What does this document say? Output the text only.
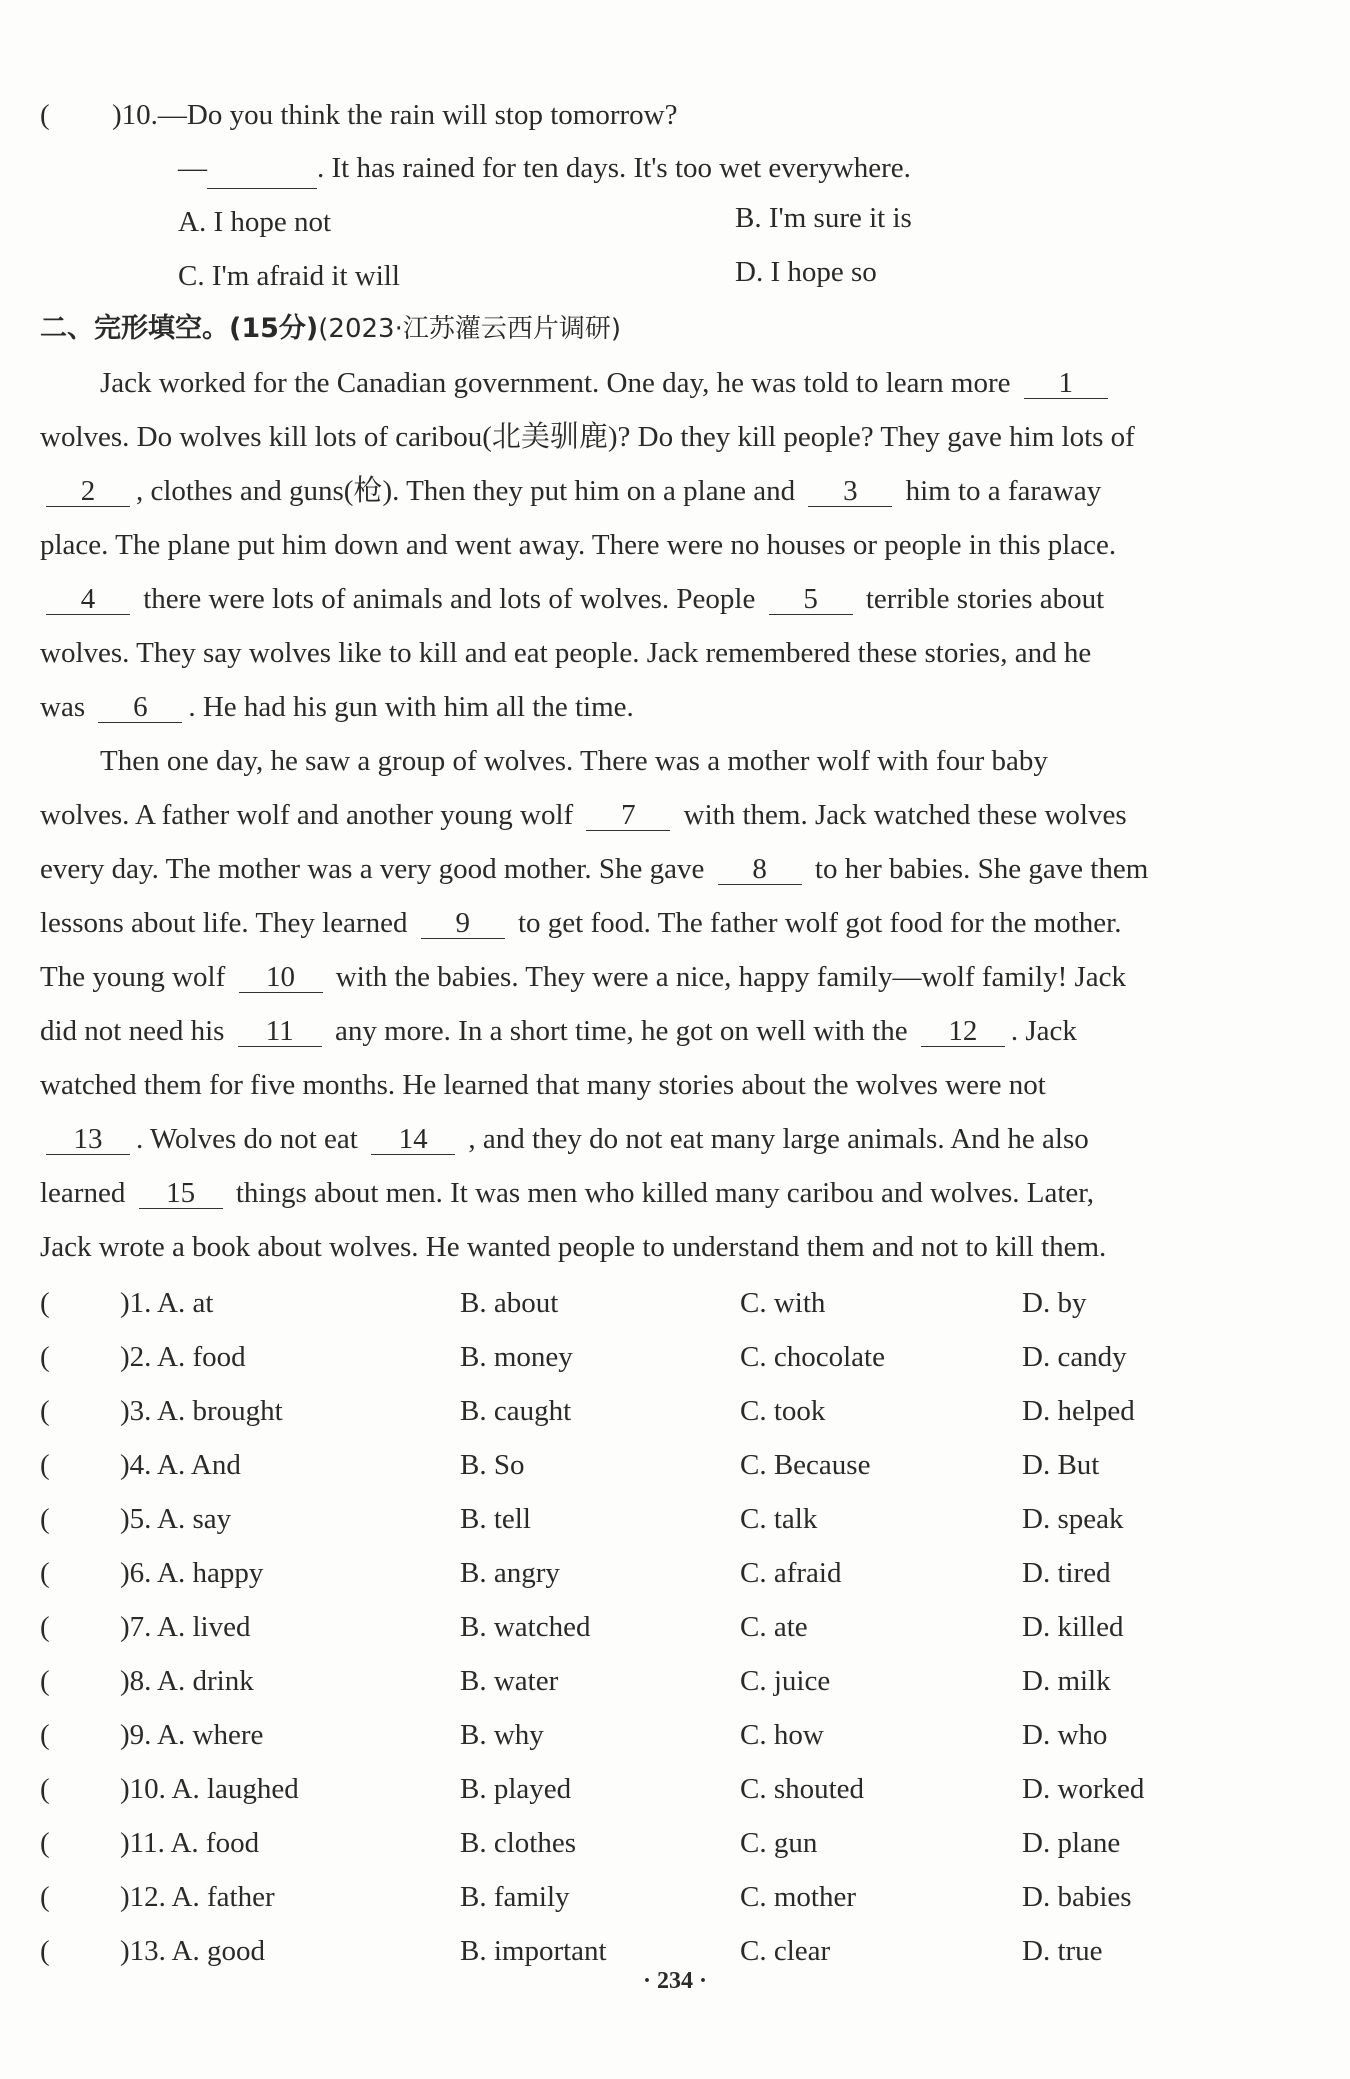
( )10.—Do you think the rain will stop tomorrow?
—	. It has rained for ten days. It's too wet everywhere.
A. I hope not	B. I'm sure it is
C. I'm afraid it will	D. I hope so
二、完形填空。(15分)(2023·江苏灌云西片调研)
Jack worked for the Canadian government. One day, he was told to learn more 1
wolves. Do wolves kill lots of caribou(北美驯鹿)? Do they kill people? They gave him lots of
2 , clothes and guns(枪). Then they put him on a plane and 3 him to a faraway
place. The plane put him down and went away. There were no houses or people in this place.
4 there were lots of animals and lots of wolves. People 5 terrible stories about
wolves. They say wolves like to kill and eat people. Jack remembered these stories, and he
was 6 . He had his gun with him all the time.
Then one day, he saw a group of wolves. There was a mother wolf with four baby
wolves. A father wolf and another young wolf 7 with them. Jack watched these wolves
every day. The mother was a very good mother. She gave 8 to her babies. She gave them
lessons about life. They learned 9 to get food. The father wolf got food for the mother.
The young wolf 10 with the babies. They were a nice, happy family—wolf family! Jack
did not need his 11 any more. In a short time, he got on well with the 12 . Jack
watched them for five months. He learned that many stories about the wolves were not
13 . Wolves do not eat 14 , and they do not eat many large animals. And he also
learned 15 things about men. It was men who killed many caribou and wolves. Later,
Jack wrote a book about wolves. He wanted people to understand them and not to kill them.
( )1. A. at	B. about	C. with	D. by
( )2. A. food	B. money	C. chocolate	D. candy
( )3. A. brought	B. caught	C. took	D. helped
( )4. A. And	B. So	C. Because	D. But
( )5. A. say	B. tell	C. talk	D. speak
( )6. A. happy	B. angry	C. afraid	D. tired
( )7. A. lived	B. watched	C. ate	D. killed
( )8. A. drink	B. water	C. juice	D. milk
( )9. A. where	B. why	C. how	D. who
( )10. A. laughed	B. played	C. shouted	D. worked
( )11. A. food	B. clothes	C. gun	D. plane
( )12. A. father	B. family	C. mother	D. babies
( )13. A. good	B. important	C. clear	D. true
· 234 ·
